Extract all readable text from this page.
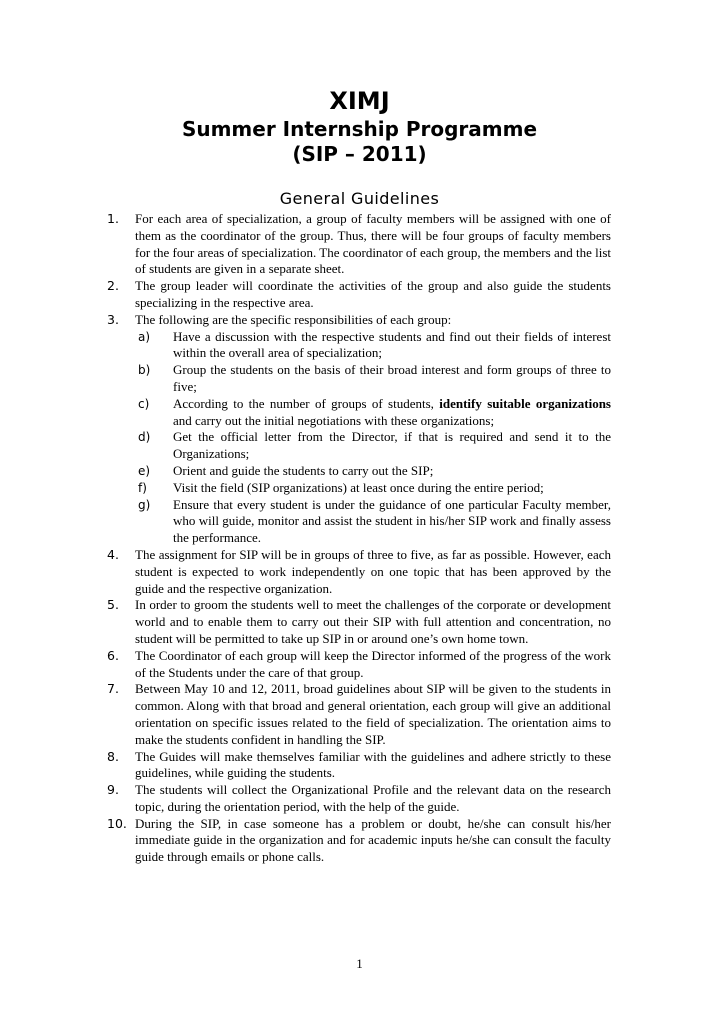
XIMJ
Summer Internship Programme
(SIP – 2011)
General Guidelines
1. For each area of specialization, a group of faculty members will be assigned with one of them as the coordinator of the group. Thus, there will be four groups of faculty members for the four areas of specialization. The coordinator of each group, the members and the list of students are given in a separate sheet.
2. The group leader will coordinate the activities of the group and also guide the students specializing in the respective area.
3. The following are the specific responsibilities of each group:
a) Have a discussion with the respective students and find out their fields of interest within the overall area of specialization;
b) Group the students on the basis of their broad interest and form groups of three to five;
c) According to the number of groups of students, identify suitable organizations and carry out the initial negotiations with these organizations;
d) Get the official letter from the Director, if that is required and send it to the Organizations;
e) Orient and guide the students to carry out the SIP;
f) Visit the field (SIP organizations) at least once during the entire period;
g) Ensure that every student is under the guidance of one particular Faculty member, who will guide, monitor and assist the student in his/her SIP work and finally assess the performance.
4. The assignment for SIP will be in groups of three to five, as far as possible. However, each student is expected to work independently on one topic that has been approved by the guide and the respective organization.
5. In order to groom the students well to meet the challenges of the corporate or development world and to enable them to carry out their SIP with full attention and concentration, no student will be permitted to take up SIP in or around one’s own home town.
6. The Coordinator of each group will keep the Director informed of the progress of the work of the Students under the care of that group.
7. Between May 10 and 12, 2011, broad guidelines about SIP will be given to the students in common. Along with that broad and general orientation, each group will give an additional orientation on specific issues related to the field of specialization. The orientation aims to make the students confident in handling the SIP.
8. The Guides will make themselves familiar with the guidelines and adhere strictly to these guidelines, while guiding the students.
9. The students will collect the Organizational Profile and the relevant data on the research topic, during the orientation period, with the help of the guide.
10. During the SIP, in case someone has a problem or doubt, he/she can consult his/her immediate guide in the organization and for academic inputs he/she can consult the faculty guide through emails or phone calls.
1
